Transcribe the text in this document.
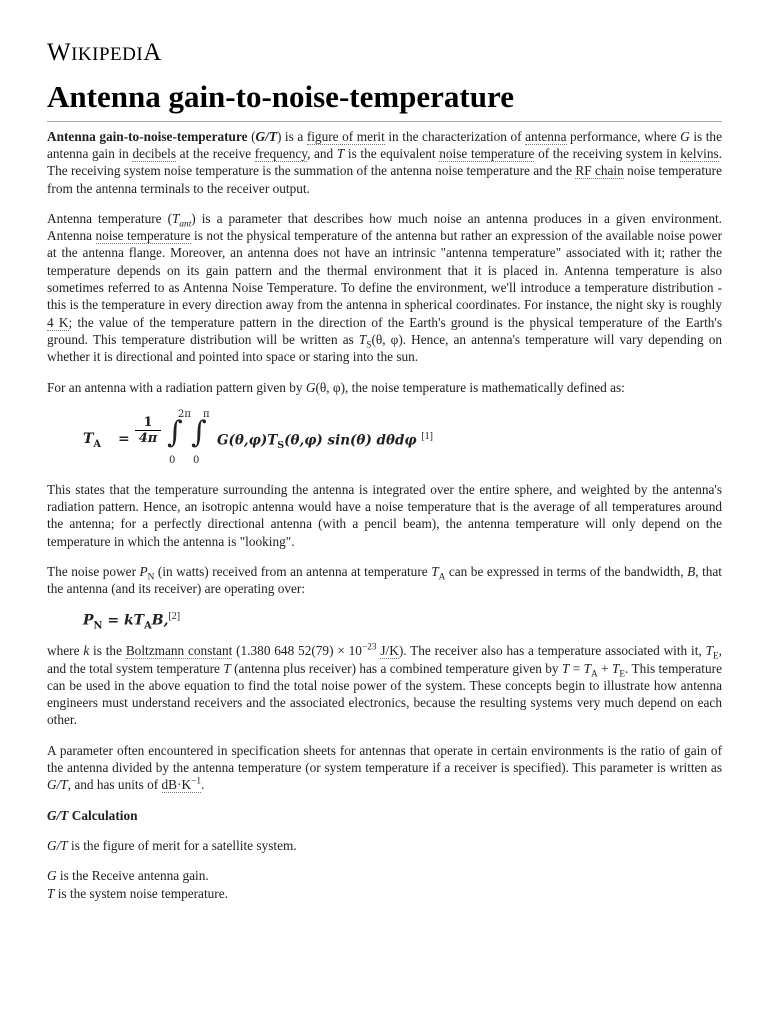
WIKIPEDIA
Antenna gain-to-noise-temperature

Antenna gain-to-noise-temperature (G/T) is a figure of merit in the characterization of antenna performance, where G is the antenna gain in decibels at the receive frequency, and T is the equivalent noise temperature of the receiving system in kelvins. The receiving system noise temperature is the summation of the antenna noise temperature and the RF chain noise temperature from the antenna terminals to the receiver output.

Antenna temperature $(T_{ant})$ is a parameter that describes how much noise an antenna produces in a given environment. Antenna noise temperature is not the physical temperature of the antenna but rather an expression of the available noise power at the antenna flange. Moreover, an antenna does not have an intrinsic "antenna temperature" associated with it; rather the temperature depends on its gain pattern and the thermal environment that it is placed in. Antenna temperature is also sometimes referred to as Antenna Noise Temperature. To define the environment, we'll introduce a temperature distribution - this is the temperature in every direction away from the antenna in spherical coordinates. For instance, the night sky is roughly 4 K; the value of the temperature pattern in the direction of the Earth's ground is the physical temperature of the Earth's ground. This temperature distribution will be written as $T_S(\theta$, φ). Hence, an antenna's temperature will vary depending on whether it is directional and pointed into space or staring into the sun.

For an antenna with a radiation pattern given by G(θ, φ), the noise temperature is mathematically defined as:

$T_A = \frac{1}{4\pi}$ ∫
2π
0
∫
π
0
$G(\theta,\varphi)T_S(\theta,\varphi)$ sin(θ) dθdφ [1]

This states that the temperature surrounding the antenna is integrated over the entire sphere, and weighted by the antenna's radiation pattern. Hence, an isotropic antenna would have a noise temperature that is the average of all temperatures around the antenna; for a perfectly directional antenna (with a pencil beam), the antenna temperature will only depend on the temperature in which the antenna is "looking".

The noise power $P_N$ (in watts) received from an antenna at temperature $T_A$ can be expressed in terms of the bandwidth, B, that the antenna (and its receiver) are operating over:

$P_N = kT_AB,[2]$

where k is the Boltzmann constant (1.380 648 $52(79) \times 10^{-23}$ J/K). The receiver also has a temperature associated with it, $T_E$, and the total system temperature T (antenna plus receiver) has a combined temperature given by $T = T_A + T_E$. This temperature can be used in the above equation to find the total noise power of the system. These concepts begin to illustrate how antenna engineers must understand receivers and the associated electronics, because the resulting systems very much depend on each other.

A parameter often encountered in specification sheets for antennas that operate in certain environments is the ratio of gain of the antenna divided by the antenna temperature (or system temperature if a receiver is specified). This parameter is written as G/T, and has units of $dB\cdot K^{-1}$.

G/T Calculation

G/T is the figure of merit for a satellite system.

G is the Receive antenna gain.
T is the system noise temperature.
